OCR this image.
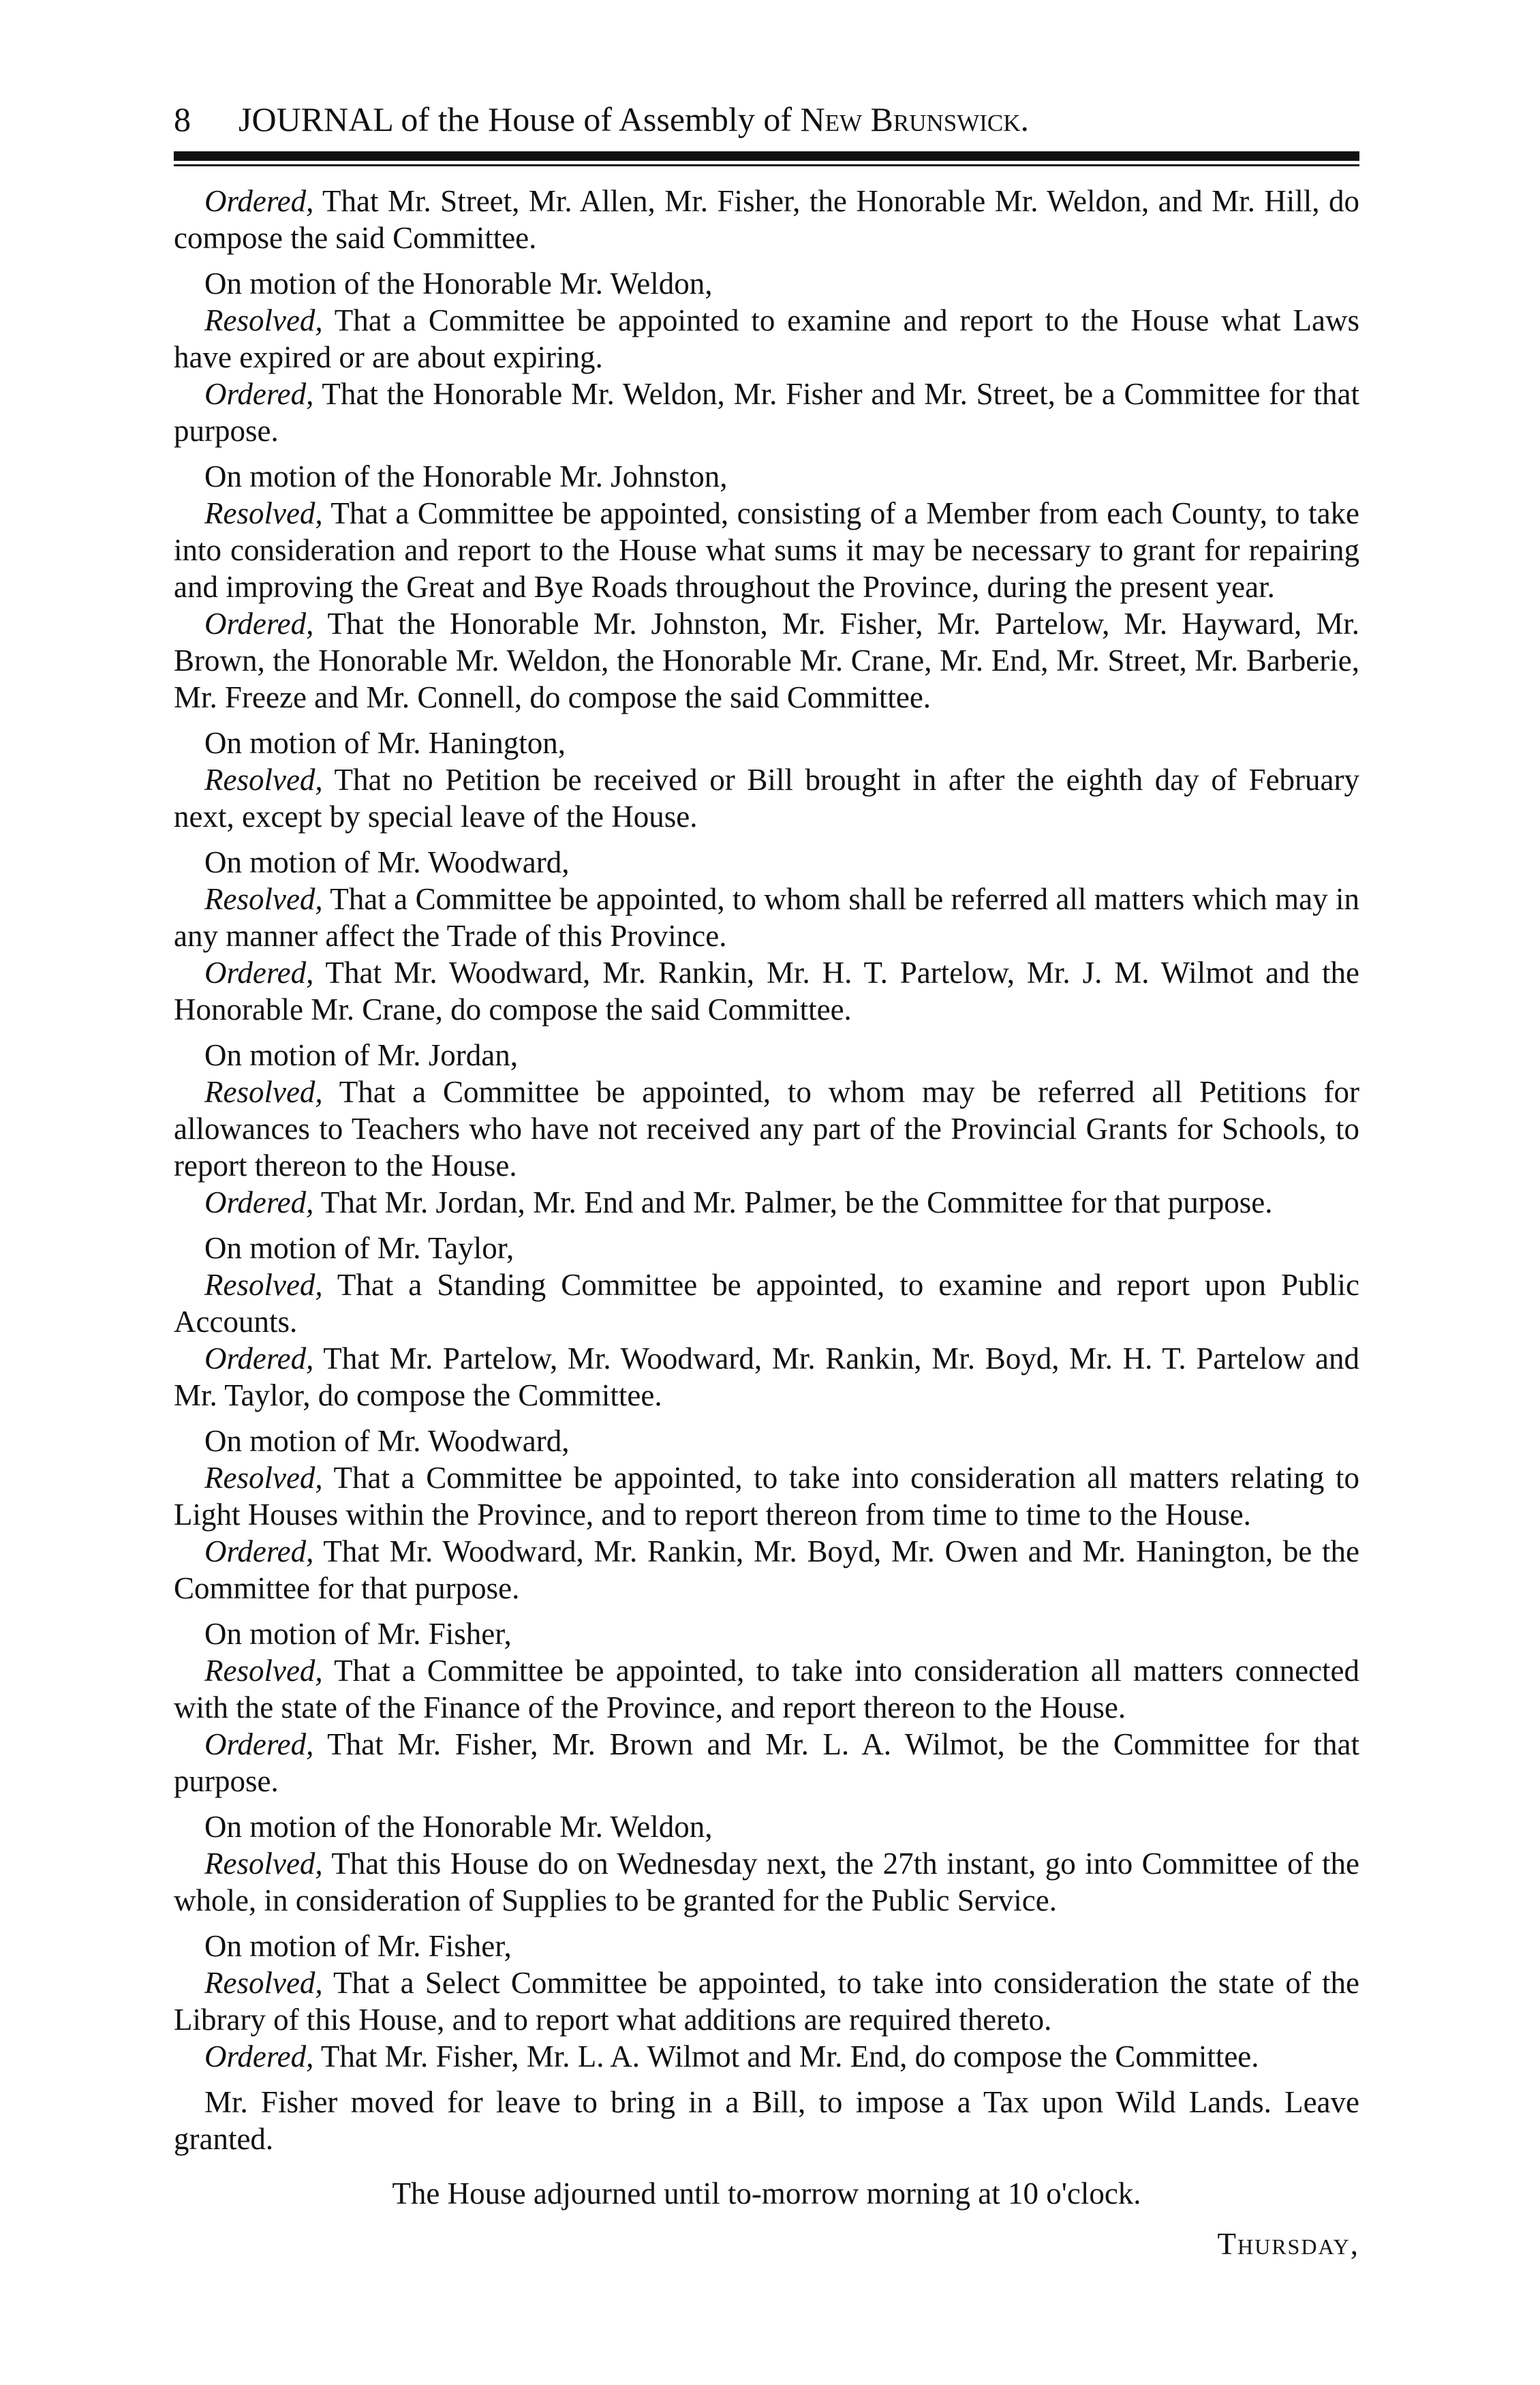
8 JOURNAL of the House of Assembly of New Brunswick.

Ordered, That Mr. Street, Mr. Allen, Mr. Fisher, the Honorable Mr. Weldon, and Mr. Hill, do compose the said Committee.

On motion of the Honorable Mr. Weldon,

Resolved, That a Committee be appointed to examine and report to the House what Laws have expired or are about expiring.

Ordered, That the Honorable Mr. Weldon, Mr. Fisher and Mr. Street, be a Committee for that purpose.

On motion of the Honorable Mr. Johnston,

Resolved, That a Committee be appointed, consisting of a Member from each County, to take into consideration and report to the House what sums it may be necessary to grant for repairing and improving the Great and Bye Roads throughout the Province, during the present year.

Ordered, That the Honorable Mr. Johnston, Mr. Fisher, Mr. Partelow, Mr. Hayward, Mr. Brown, the Honorable Mr. Weldon, the Honorable Mr. Crane, Mr. End, Mr. Street, Mr. Barberie, Mr. Freeze and Mr. Connell, do compose the said Committee.

On motion of Mr. Hanington,

Resolved, That no Petition be received or Bill brought in after the eighth day of February next, except by special leave of the House.

On motion of Mr. Woodward,

Resolved, That a Committee be appointed, to whom shall be referred all matters which may in any manner affect the Trade of this Province.

Ordered, That Mr. Woodward, Mr. Rankin, Mr. H. T. Partelow, Mr. J. M. Wilmot and the Honorable Mr. Crane, do compose the said Committee.

On motion of Mr. Jordan,

Resolved, That a Committee be appointed, to whom may be referred all Petitions for allowances to Teachers who have not received any part of the Provincial Grants for Schools, to report thereon to the House.

Ordered, That Mr. Jordan, Mr. End and Mr. Palmer, be the Committee for that purpose.

On motion of Mr. Taylor,

Resolved, That a Standing Committee be appointed, to examine and report upon Public Accounts.

Ordered, That Mr. Partelow, Mr. Woodward, Mr. Rankin, Mr. Boyd, Mr. H. T. Partelow and Mr. Taylor, do compose the Committee.

On motion of Mr. Woodward,

Resolved, That a Committee be appointed, to take into consideration all matters relating to Light Houses within the Province, and to report thereon from time to time to the House.

Ordered, That Mr. Woodward, Mr. Rankin, Mr. Boyd, Mr. Owen and Mr. Hanington, be the Committee for that purpose.

On motion of Mr. Fisher,

Resolved, That a Committee be appointed, to take into consideration all matters connected with the state of the Finance of the Province, and report thereon to the House.

Ordered, That Mr. Fisher, Mr. Brown and Mr. L. A. Wilmot, be the Committee for that purpose.

On motion of the Honorable Mr. Weldon,

Resolved, That this House do on Wednesday next, the 27th instant, go into Committee of the whole, in consideration of Supplies to be granted for the Public Service.

On motion of Mr. Fisher,

Resolved, That a Select Committee be appointed, to take into consideration the state of the Library of this House, and to report what additions are required thereto.

Ordered, That Mr. Fisher, Mr. L. A. Wilmot and Mr. End, do compose the Committee.

Mr. Fisher moved for leave to bring in a Bill, to impose a Tax upon Wild Lands. Leave granted.

The House adjourned until to-morrow morning at 10 o'clock.

Thursday,
